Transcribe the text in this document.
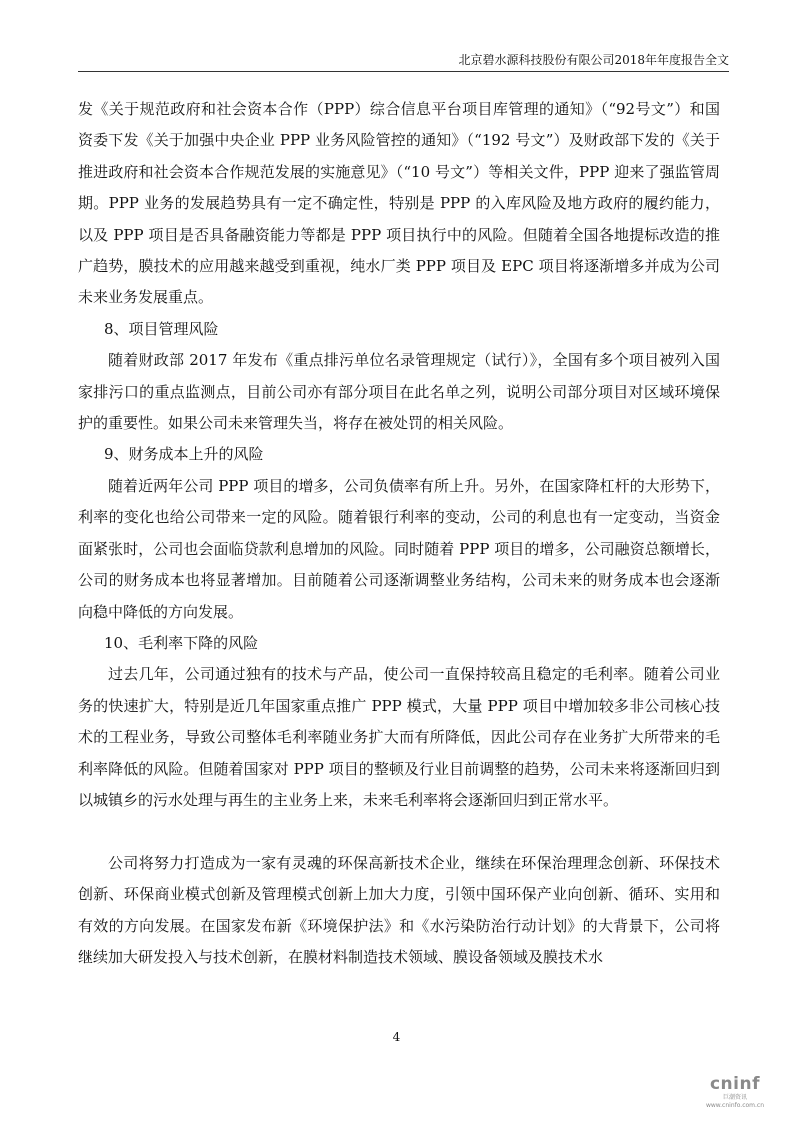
北京碧水源科技股份有限公司2018年年度报告全文

发《关于规范政府和社会资本合作（PPP）综合信息平台项目库管理的通知》（“92号文”）和国资委下发《关于加强中央企业 PPP 业务风险管控的通知》（“192 号文”）及财政部下发的《关于推进政府和社会资本合作规范发展的实施意见》（“10 号文”）等相关文件，PPP 迎来了强监管周期。PPP 业务的发展趋势具有一定不确定性，特别是 PPP 的入库风险及地方政府的履约能力，以及 PPP 项目是否具备融资能力等都是 PPP 项目执行中的风险。但随着全国各地提标改造的推广趋势，膜技术的应用越来越受到重视，纯水厂类 PPP 项目及 EPC 项目将逐渐增多并成为公司未来业务发展重点。

8、项目管理风险

随着财政部 2017 年发布《重点排污单位名录管理规定（试行）》，全国有多个项目被列入国家排污口的重点监测点，目前公司亦有部分项目在此名单之列，说明公司部分项目对区域环境保护的重要性。如果公司未来管理失当，将存在被处罚的相关风险。

9、财务成本上升的风险

随着近两年公司 PPP 项目的增多，公司负债率有所上升。另外，在国家降杠杆的大形势下，利率的变化也给公司带来一定的风险。随着银行利率的变动，公司的利息也有一定变动，当资金面紧张时，公司也会面临贷款利息增加的风险。同时随着 PPP 项目的增多，公司融资总额增长，公司的财务成本也将显著增加。目前随着公司逐渐调整业务结构，公司未来的财务成本也会逐渐向稳中降低的方向发展。

10、毛利率下降的风险

过去几年，公司通过独有的技术与产品，使公司一直保持较高且稳定的毛利率。随着公司业务的快速扩大，特别是近几年国家重点推广 PPP 模式，大量 PPP 项目中增加较多非公司核心技术的工程业务，导致公司整体毛利率随业务扩大而有所降低，因此公司存在业务扩大所带来的毛利率降低的风险。但随着国家对 PPP 项目的整顿及行业目前调整的趋势，公司未来将逐渐回归到以城镇乡的污水处理与再生的主业务上来，未来毛利率将会逐渐回归到正常水平。

公司将努力打造成为一家有灵魂的环保高新技术企业，继续在环保治理理念创新、环保技术创新、环保商业模式创新及管理模式创新上加大力度，引领中国环保产业向创新、循环、实用和有效的方向发展。在国家发布新《环境保护法》和《水污染防治行动计划》的大背景下，公司将继续加大研发投入与技术创新，在膜材料制造技术领域、膜设备领域及膜技术水

4
cninf
巨潮资讯
www.cninfo.com.cn
